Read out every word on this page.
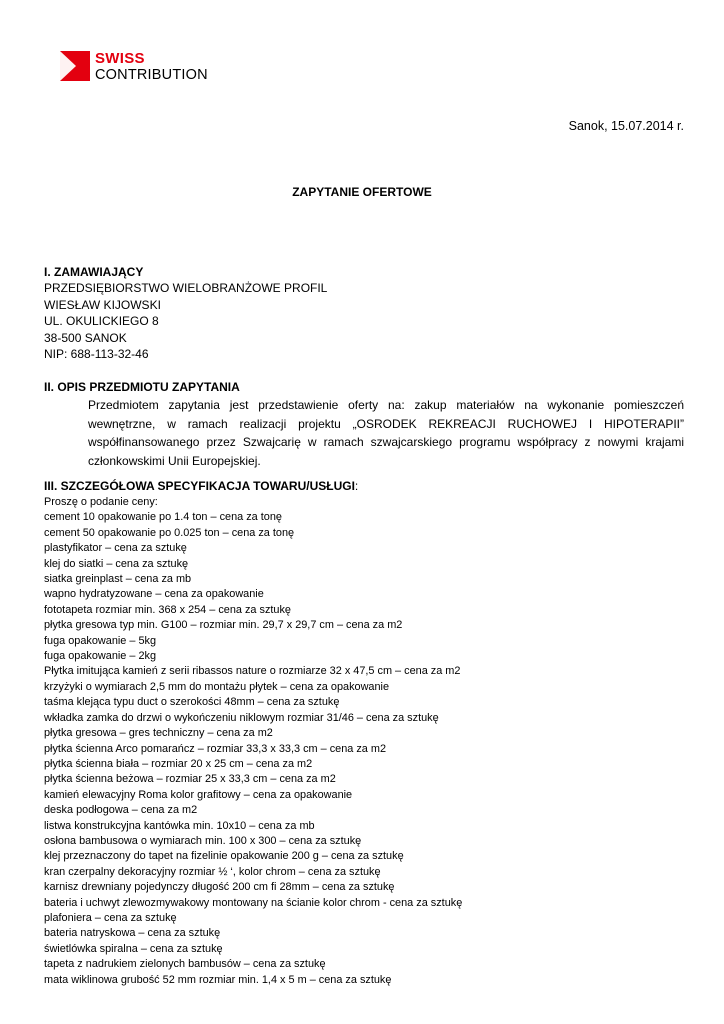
SWISS
CONTRIBUTION
Sanok, 15.07.2014 r.
ZAPYTANIE OFERTOWE

I. ZAMAWIAJĄCY

PRZEDSIĘBIORSTWO WIELOBRANŻOWE PROFIL

WIESŁAW KIJOWSKI

UL. OKULICKIEGO 8

38-500 SANOK

NIP: 688-113-32-46

II. OPIS PRZEDMIOTU ZAPYTANIA

Przedmiotem zapytania jest przedstawienie oferty na: zakup materiałów na wykonanie pomieszczeń wewnętrzne, w ramach realizacji projektu „OSRODEK REKREACJI RUCHOWEJ I HIPOTERAPII” współfinansowanego przez Szwajcarię w ramach szwajcarskiego programu współpracy z nowymi krajami członkowskimi Unii Europejskiej.

III. SZCZEGÓŁOWA SPECYFIKACJA TOWARU/USŁUGI:

Proszę o podanie ceny:

cement 10 opakowanie po 1.4 ton – cena za tonę

cement 50 opakowanie po 0.025 ton – cena za tonę

plastyfikator – cena za sztukę

klej do siatki – cena za sztukę

siatka greinplast – cena za mb

wapno hydratyzowane – cena za opakowanie

fototapeta rozmiar min. 368 x 254 – cena za sztukę

płytka gresowa typ min. G100 – rozmiar min. 29,7 x 29,7 cm – cena za m2

fuga opakowanie – 5kg

fuga opakowanie – 2kg

Płytka imitująca kamień z serii ribassos nature o rozmiarze 32 x 47,5 cm – cena za m2

krzyżyki o wymiarach 2,5 mm do montażu płytek – cena za opakowanie

taśma klejąca typu duct o szerokości 48mm – cena za sztukę

wkładka zamka do drzwi o wykończeniu niklowym rozmiar 31/46 – cena za sztukę

płytka gresowa – gres techniczny – cena za m2

płytka ścienna Arco pomarańcz – rozmiar 33,3 x 33,3 cm – cena za m2

płytka ścienna biała – rozmiar 20 x 25 cm – cena za m2

płytka ścienna beżowa – rozmiar 25 x 33,3 cm – cena za m2

kamień elewacyjny Roma kolor grafitowy – cena za opakowanie

deska podłogowa – cena za m2

listwa konstrukcyjna kantówka min. 10x10 – cena za mb

osłona bambusowa o wymiarach min. 100 x 300 – cena za sztukę

klej przeznaczony do tapet na fizelinie opakowanie 200 g – cena za sztukę

kran czerpalny dekoracyjny rozmiar ½ ‘, kolor chrom – cena za sztukę

karnisz drewniany pojedynczy długość 200 cm fi 28mm – cena za sztukę

bateria i uchwyt zlewozmywakowy montowany na ścianie kolor chrom - cena za sztukę

plafoniera – cena za sztukę

bateria natryskowa – cena za sztukę

świetlówka spiralna – cena za sztukę

tapeta z nadrukiem zielonych bambusów – cena za sztukę

mata wiklinowa grubość 52 mm rozmiar min. 1,4 x 5 m – cena za sztukę
